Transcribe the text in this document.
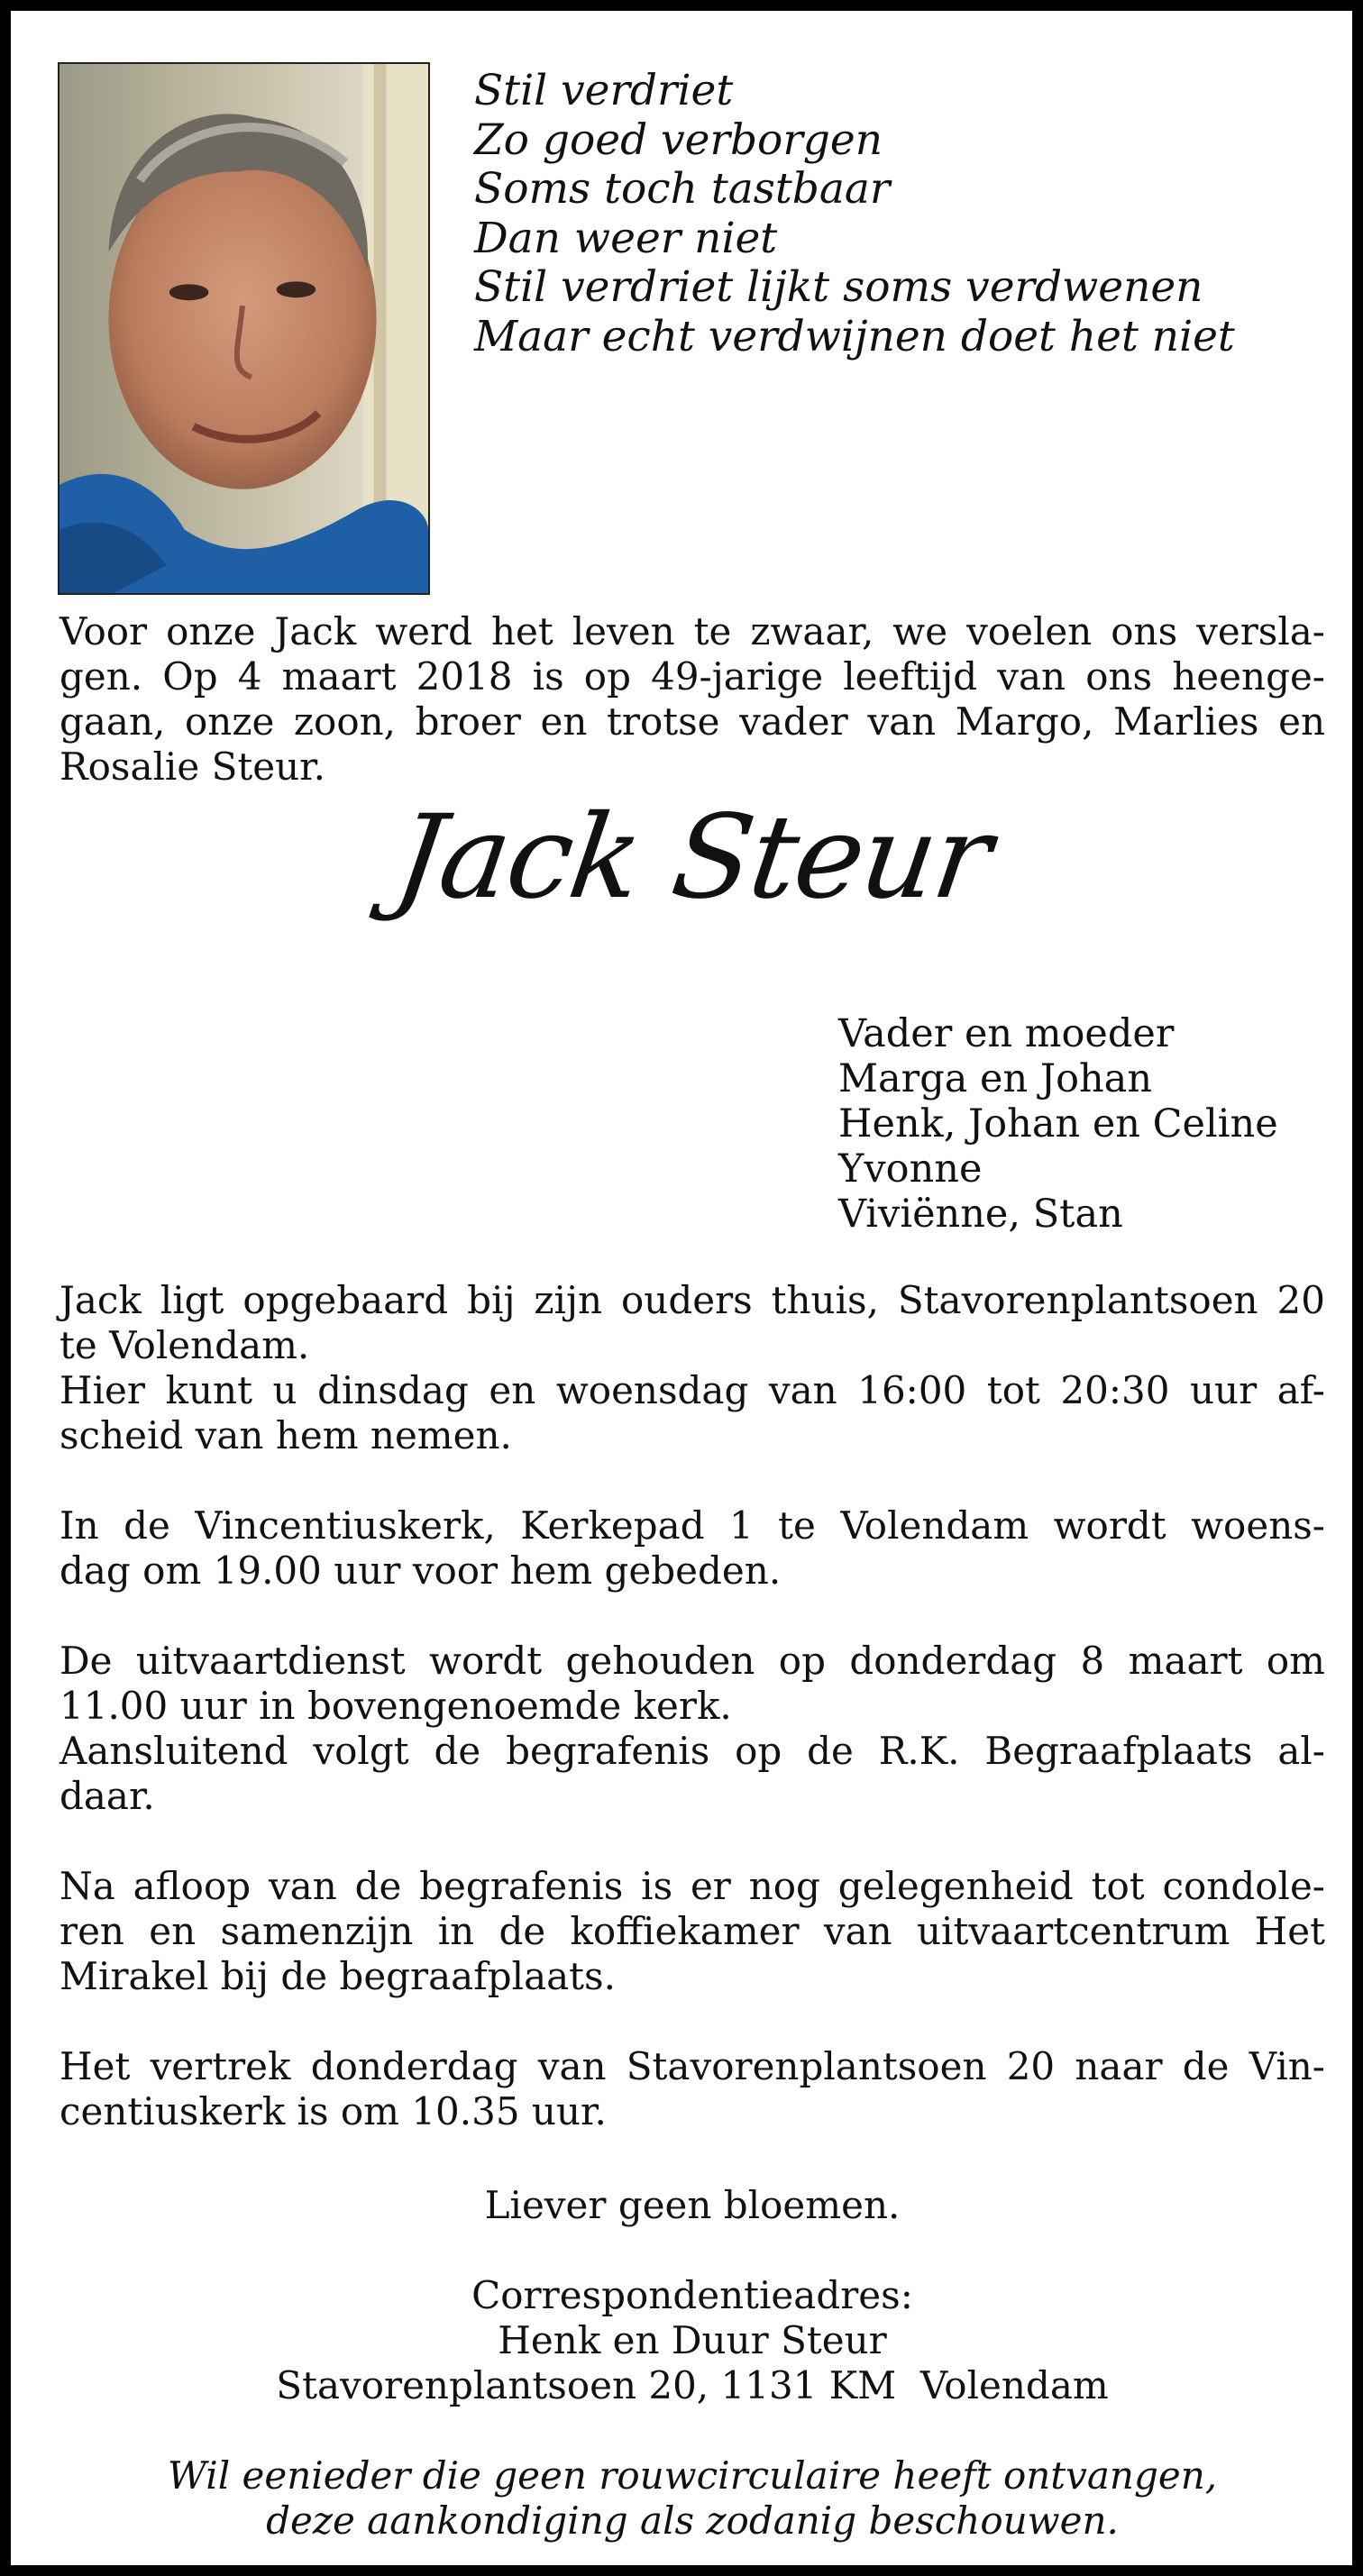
Stil verdriet
Zo goed verborgen
Soms toch tastbaar
Dan weer niet
Stil verdriet lijkt soms verdwenen
Maar echt verdwijnen doet het niet
Voor onze Jack werd het leven te zwaar, we voelen ons versla-
gen. Op 4 maart 2018 is op 49-jarige leeftijd van ons heenge-
gaan, onze zoon, broer en trotse vader van Margo, Marlies en
Rosalie Steur.
Jack Steur
Vader en moeder
Marga en Johan
Henk, Johan en Celine
Yvonne
Viviënne, Stan
Jack ligt opgebaard bij zijn ouders thuis, Stavorenplantsoen 20
te Volendam.
Hier kunt u dinsdag en woensdag van 16:00 tot 20:30 uur af-
scheid van hem nemen.
In de Vincentiuskerk, Kerkepad 1 te Volendam wordt woens-
dag om 19.00 uur voor hem gebeden.
De uitvaartdienst wordt gehouden op donderdag 8 maart om
11.00 uur in bovengenoemde kerk.
Aansluitend volgt de begrafenis op de R.K. Begraafplaats al-
daar.
Na afloop van de begrafenis is er nog gelegenheid tot condole-
ren en samenzijn in de koffiekamer van uitvaartcentrum Het
Mirakel bij de begraafplaats.
Het vertrek donderdag van Stavorenplantsoen 20 naar de Vin-
centiuskerk is om 10.35 uur.
Liever geen bloemen.
Correspondentieadres:
Henk en Duur Steur
Stavorenplantsoen 20, 1131 KM  Volendam
Wil eenieder die geen rouwcirculaire heeft ontvangen,
deze aankondiging als zodanig beschouwen.
